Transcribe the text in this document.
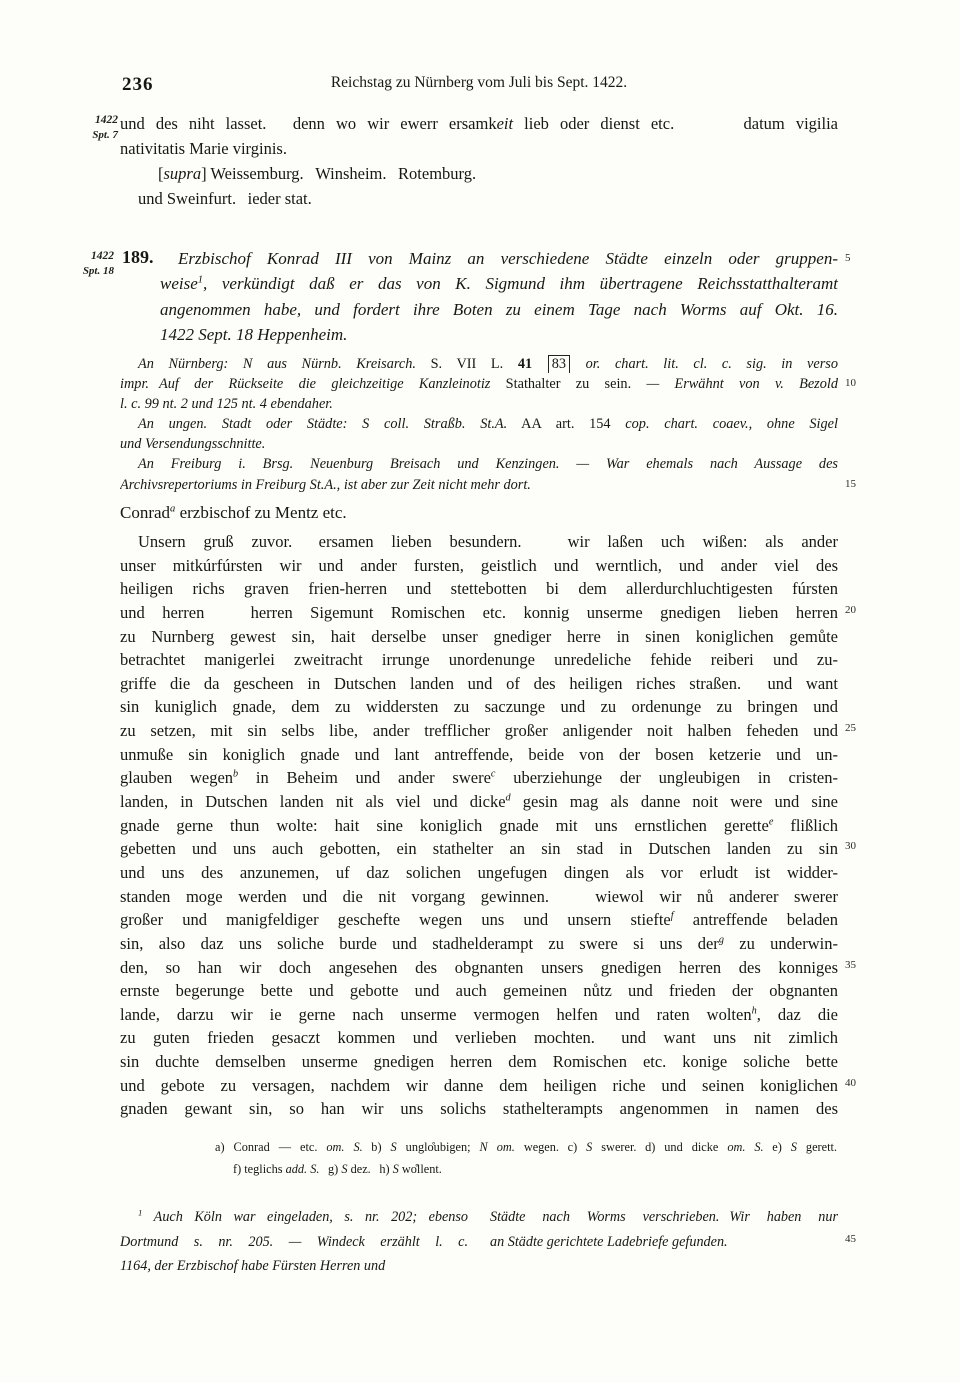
236	Reichstag zu Nürnberg vom Juli bis Sept. 1422.
1422
Spt. 7
und des niht lasset. denn wo wir ewerr ersamkeit lieb oder dienst etc.	datum vigilia
nativitatis Marie virginis.
[supra] Weissemburg. Winsheim. Rotemburg.
und Sweinfurt. ieder stat.
1422
Spt. 18
189.	Erzbischof Konrad III von Mainz an verschiedene Städte einzeln oder gruppen-
weise$^1$, verkündigt daß er das von K. Sigmund ihm übertragene Reichsstatthalteramt
angenommen habe, und fordert ihre Boten zu einem Tage nach Worms auf Okt. 16.
1422 Sept. 18 Heppenheim.
An Nürnberg: N aus Nürnb. Kreisarch. S. VII L. 41 83 or. chart. lit. cl. c. sig. in verso
impr. Auf der Rückseite die gleichzeitige Kanzleinotiz Stathalter zu sein. — Erwähnt von v. Bezold
l. c. 99 nt. 2 und 125 nt. 4 ebendaher.
An ungen. Stadt oder Städte: S coll. Straßb. St.A. AA art. 154 cop. chart. coaev., ohne Sigel
und Versendungsschnitte.
An Freiburg i. Brsg. Neuenburg Breisach und Kenzingen. — War ehemals nach Aussage des
Archivsrepertoriums in Freiburg St.A., ist aber zur Zeit nicht mehr dort.
Conrad$^a$ erzbischof zu Mentz etc.
Unsern gruß zuvor. ersamen lieben besundern.	wir laßen uch wißen: als ander
unser mitkúrfúrsten wir und ander fursten, geistlich und werntlich, und ander viel des
heiligen richs graven frien-herren und stettebotten bi dem allerdurchluchtigesten fúrsten
und herren	herren Sigemunt Romischen etc. konnig unserme gnedigen lieben herren
zu Nurnberg gewest sin, hait derselbe unser gnediger herre in sinen koniglichen gemůte
betrachtet manigerlei zweitracht irrunge unordenunge unredeliche fehide reiberi und zu-
griffe die da gescheen in Dutschen landen und of des heiligen riches straßen. und want
sin kuniglich gnade, dem zu widdersten zu saczunge und zu ordenunge zu bringen und
zu setzen, mit sin selbs libe, ander trefflicher großer anligender noit halben feheden und
unmuße sin koniglich gnade und lant antreffende, beide von der bosen ketzerie und un-
glauben wegen$^b$ in Beheim und ander swere$^c$ uberziehunge der ungleubigen in cristen-
landen, in Dutschen landen nit als viel und dicke$^d$ gesin mag als danne noit were und sine
gnade gerne thun wolte: hait sine koniglich gnade mit uns ernstlichen gerette$^e$ flißlich
gebetten und uns auch gebotten, ein stathelter an sin stad in Dutschen landen zu sin
und uns des anzunemen, uf daz solichen ungefugen dingen als vor erludt ist widder-
standen moge werden und die nit vorgang gewinnen.	wiewol wir nů anderer swerer
großer und manigfeldiger geschefte wegen uns und unsern stiefte$^f$ antreffende beladen
sin, also daz uns soliche burde und stadhelderampt zu swere si uns der$^g$ zu underwin-
den, so han wir doch angesehen des obgnanten unsers gnedigen herren des konniges
ernste begerunge bette und gebotte und auch gemeinen nůtz und frieden der obgnanten
lande, darzu wir ie gerne nach unserme vermogen helfen und raten wolten$^h$, daz die
zu guten frieden gesaczt kommen und verlieben mochten. und want uns nit zimlich
sin duchte demselben unserme gnedigen herren dem Romischen etc. konige soliche bette
und gebote zu versagen, nachdem wir danne dem heiligen riche und seinen koniglichen
gnaden gewant sin, so han wir uns solichs stathelterampts angenommen in namen des
a) Conrad — etc. om. S. b) S unglo̊ubigen; N om. wegen. c) S swerer. d) und dicke om. S. e) S gerett.
f) teglichs add. S. g) S dez. h) S wo̊llent.
$^1$ Auch Köln war eingeladen, s. nr. 202; ebenso
Dortmund s. nr. 205. — Windeck erzählt l. c.
1164, der Erzbischof habe Fürsten Herren und
Städte nach Worms verschrieben. Wir haben nur
an Städte gerichtete Ladebriefe gefunden.
5
10
15
20
25
30
35
40
45
